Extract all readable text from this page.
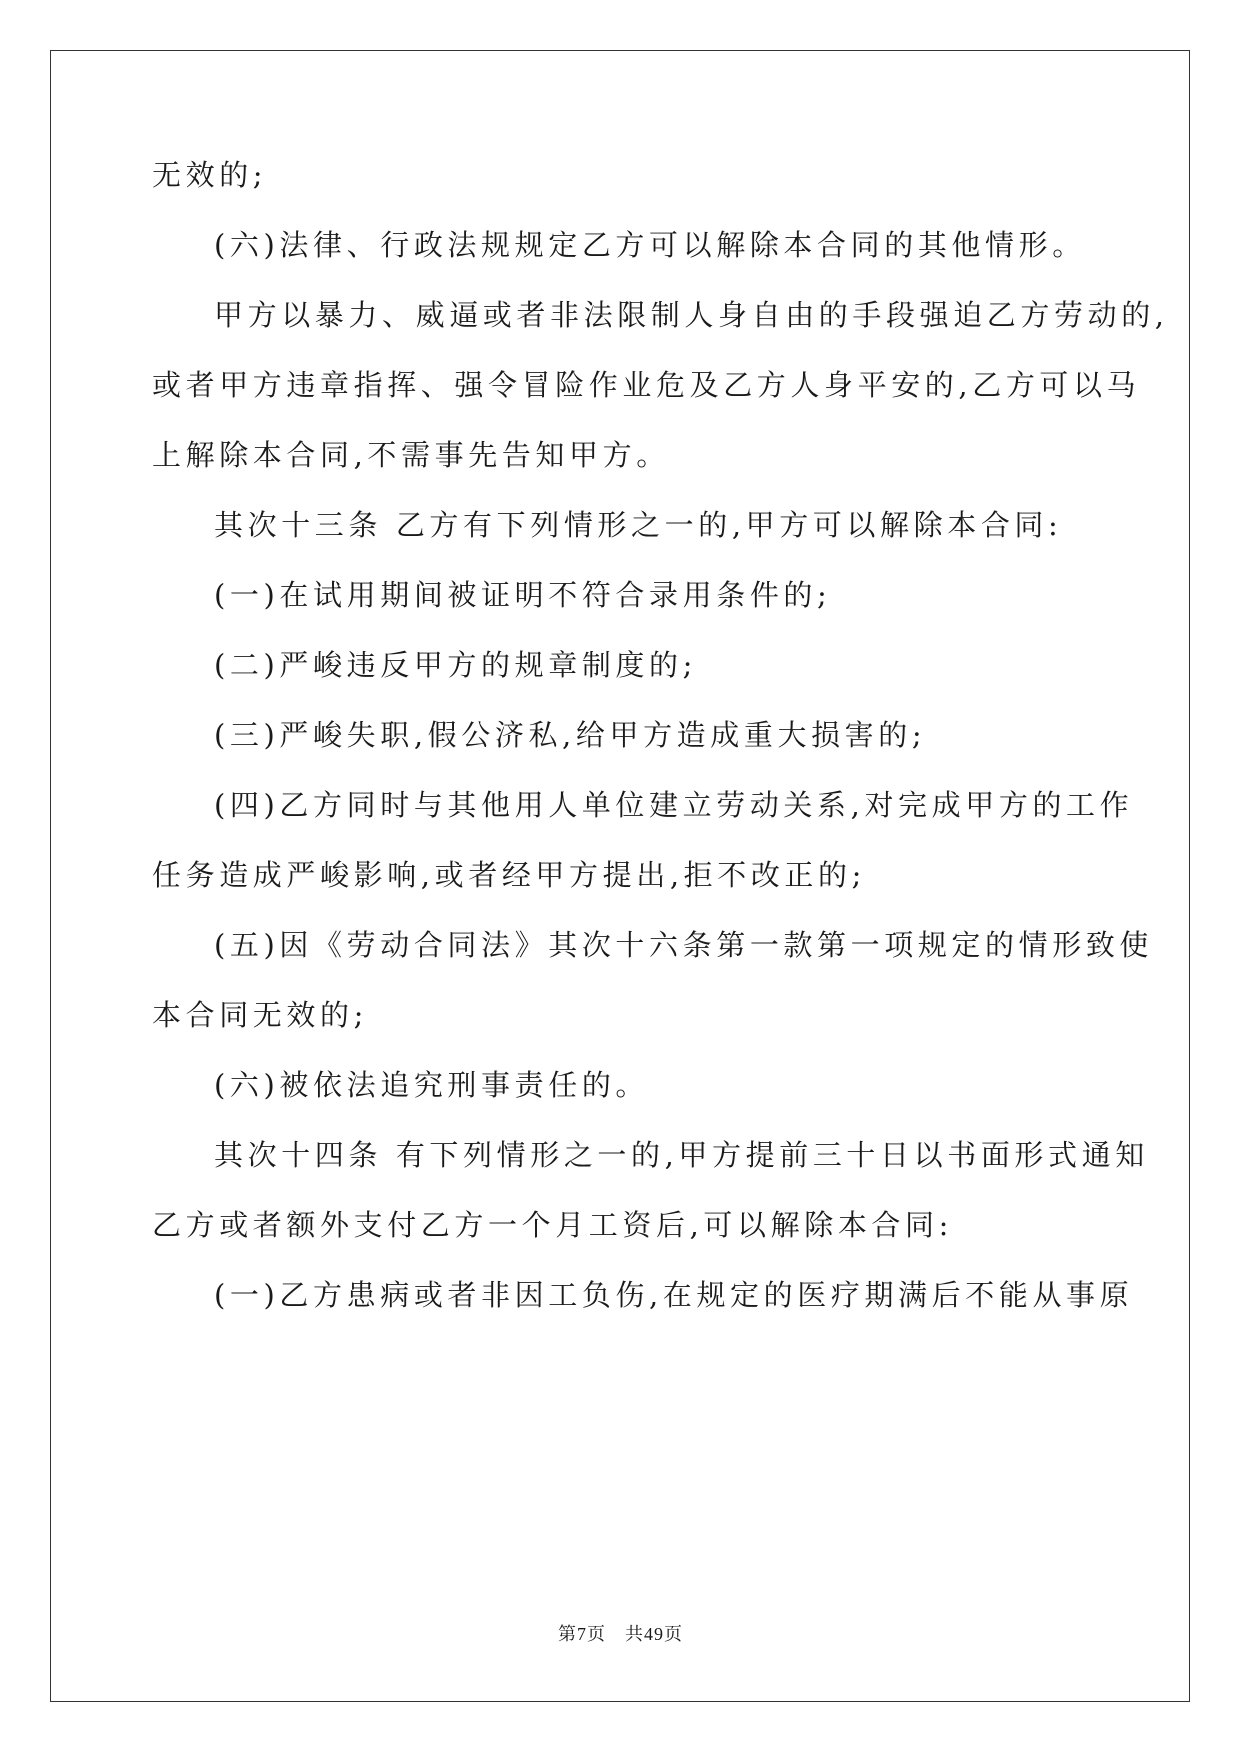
无效的;
(六)法律、行政法规规定乙方可以解除本合同的其他情形。
甲方以暴力、威逼或者非法限制人身自由的手段强迫乙方劳动的,
或者甲方违章指挥、强令冒险作业危及乙方人身平安的,乙方可以马
上解除本合同,不需事先告知甲方。
其次十三条 乙方有下列情形之一的,甲方可以解除本合同:
(一)在试用期间被证明不符合录用条件的;
(二)严峻违反甲方的规章制度的;
(三)严峻失职,假公济私,给甲方造成重大损害的;
(四)乙方同时与其他用人单位建立劳动关系,对完成甲方的工作
任务造成严峻影响,或者经甲方提出,拒不改正的;
(五)因《劳动合同法》其次十六条第一款第一项规定的情形致使
本合同无效的;
(六)被依法追究刑事责任的。
其次十四条 有下列情形之一的,甲方提前三十日以书面形式通知
乙方或者额外支付乙方一个月工资后,可以解除本合同:
(一)乙方患病或者非因工负伤,在规定的医疗期满后不能从事原
第7页　共49页
